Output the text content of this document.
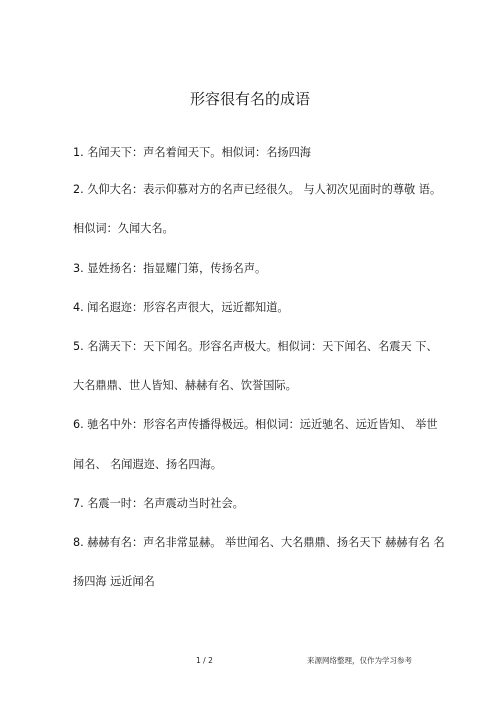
形容很有名的成语
1. 名闻天下：声名着闻天下。相似词：名扬四海
2. 久仰大名：表示仰慕对方的名声已经很久。 与人初次见面时的尊敬 语。
相似词：久闻大名。
3. 显姓扬名：指显耀门第，传扬名声。
4. 闻名遐迩：形容名声很大，远近都知道。
5. 名满天下：天下闻名。形容名声极大。相似词：天下闻名、名震天 下、
大名鼎鼎、世人皆知、赫赫有名、饮誉国际。
6. 驰名中外：形容名声传播得极远。相似词：远近驰名、远近皆知、 举世
闻名、 名闻遐迩、扬名四海。
7. 名震一时：名声震动当时社会。
8. 赫赫有名：声名非常显赫。 举世闻名、大名鼎鼎、扬名天下 赫赫有名 名
扬四海 远近闻名
1 / 2	来源网络整理，仅作为学习参考
